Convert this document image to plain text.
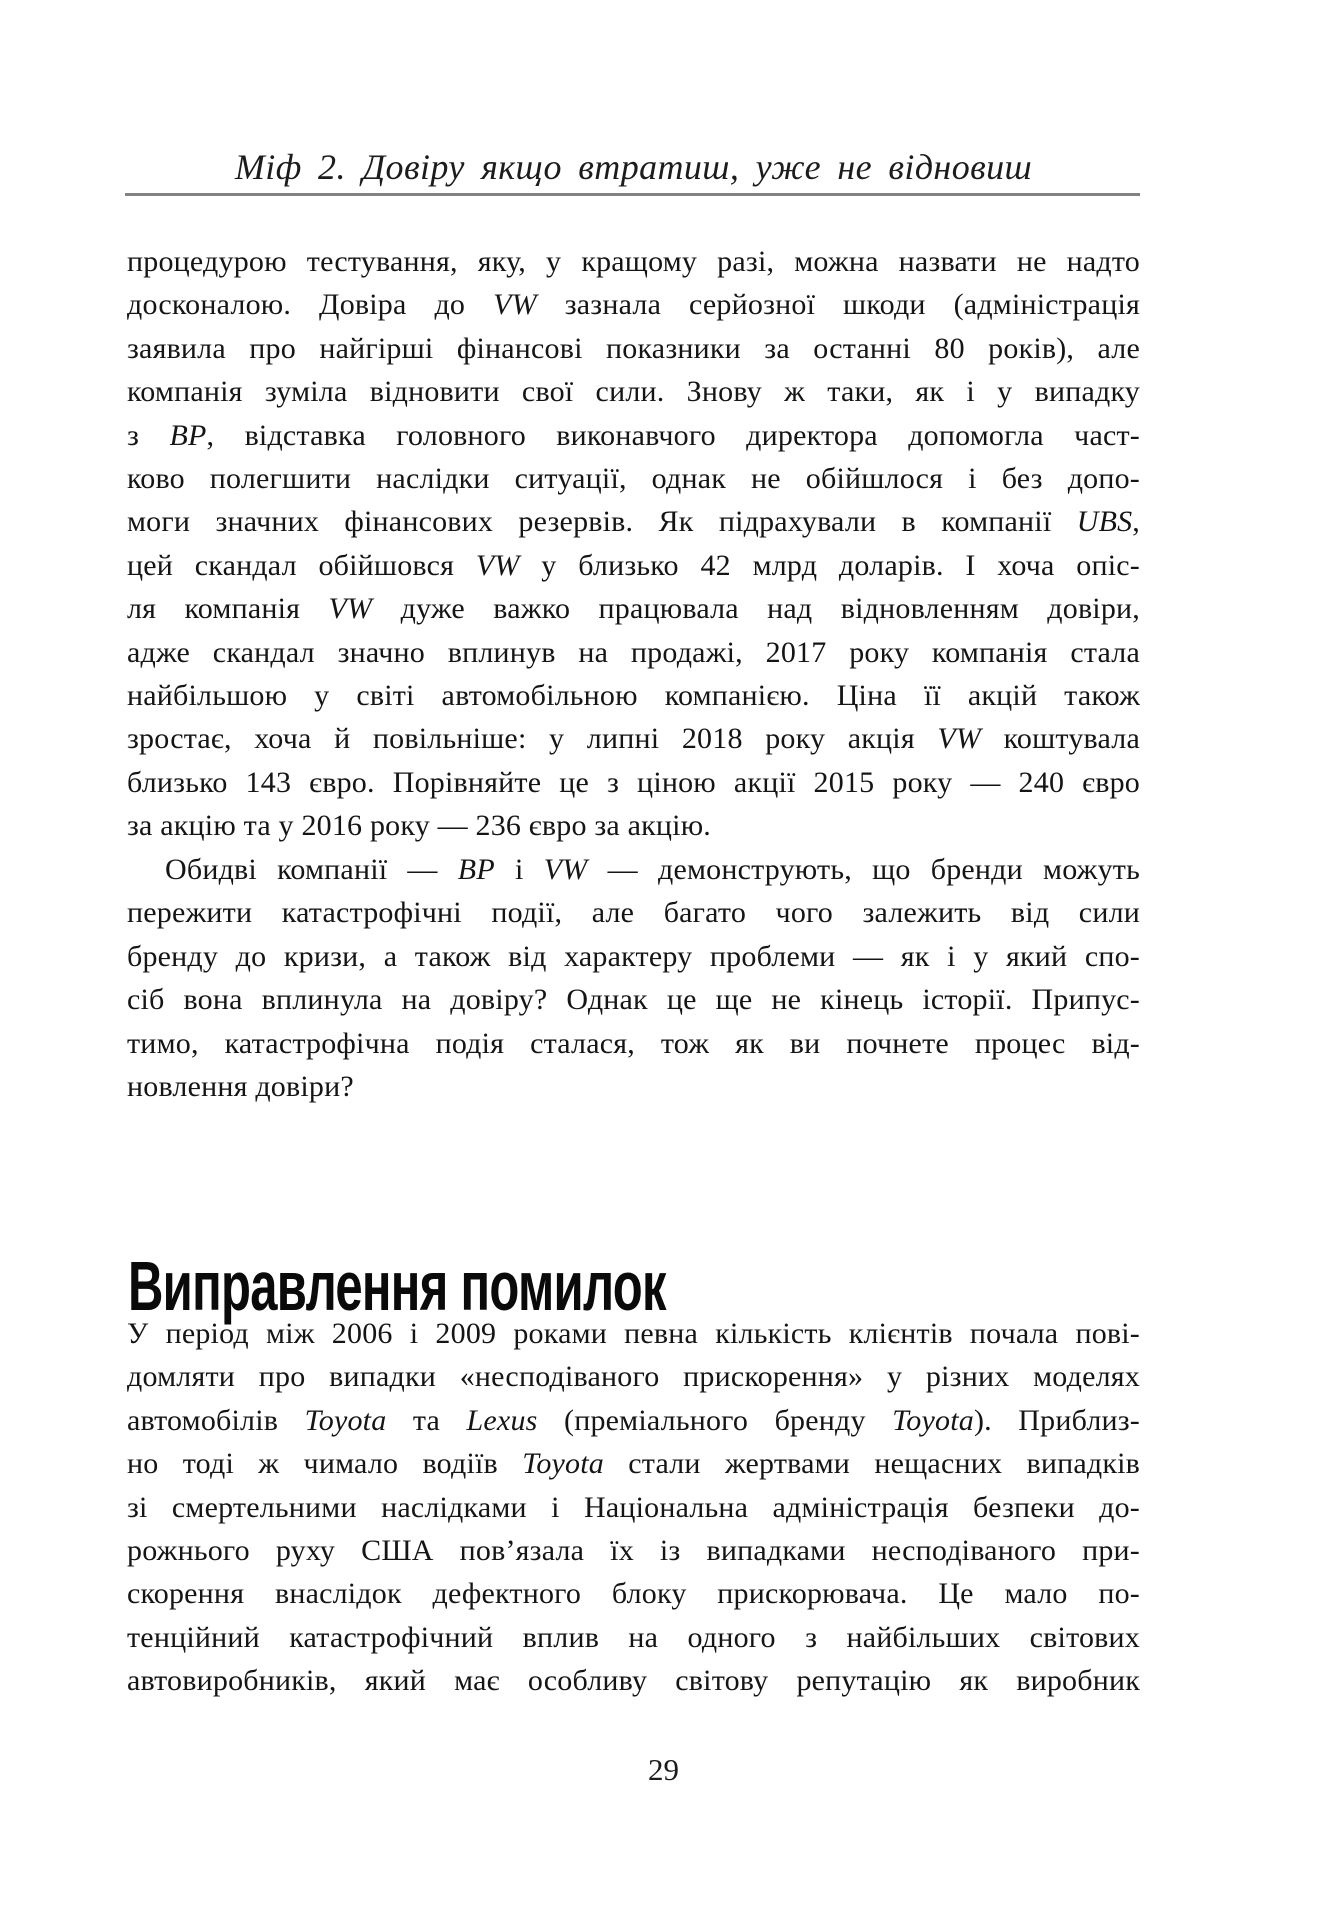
Міф 2. Довіру якщо втратиш, уже не відновиш
процедурою тестування, яку, у кращому разі, можна назвати не надто
досконалою. Довіра до VW зазнала серйозної шкоди (адміністрація
заявила про найгірші фінансові показники за останні 80 років), але
компанія зуміла відновити свої сили. Знову ж таки, як і у випадку
з BP, відставка головного виконавчого директора допомогла част-
ково полегшити наслідки ситуації, однак не обійшлося і без допо-
моги значних фінансових резервів. Як підрахували в компанії UBS,
цей скандал обійшовся VW у близько 42 млрд доларів. І хоча опіс-
ля компанія VW дуже важко працювала над відновленням довіри,
адже скандал значно вплинув на продажі, 2017 року компанія стала
найбільшою у світі автомобільною компанією. Ціна її акцій також
зростає, хоча й повільніше: у липні 2018 року акція VW коштувала
близько 143 євро. Порівняйте це з ціною акції 2015 року — 240 євро
за акцію та у 2016 року — 236 євро за акцію.
Обидві компанії — BP і VW — демонструють, що бренди можуть
пережити катастрофічні події, але багато чого залежить від сили
бренду до кризи, а також від характеру проблеми — як і у який спо-
сіб вона вплинула на довіру? Однак це ще не кінець історії. Припус-
тимо, катастрофічна подія сталася, тож як ви почнете процес від-
новлення довіри?
Виправлення помилок
У період між 2006 і 2009 роками певна кількість клієнтів почала пові-
домляти про випадки «несподіваного прискорення» у різних моделях
автомобілів Toyota та Lexus (преміального бренду Toyota). Приблиз-
но тоді ж чимало водіїв Toyota стали жертвами нещасних випадків
зі смертельними наслідками і Національна адміністрація безпеки до-
рожнього руху США пов’язала їх із випадками несподіваного при-
скорення внаслідок дефектного блоку прискорювача. Це мало по-
тенційний катастрофічний вплив на одного з найбільших світових
автовиробників, який має особливу світову репутацію як виробник
29
